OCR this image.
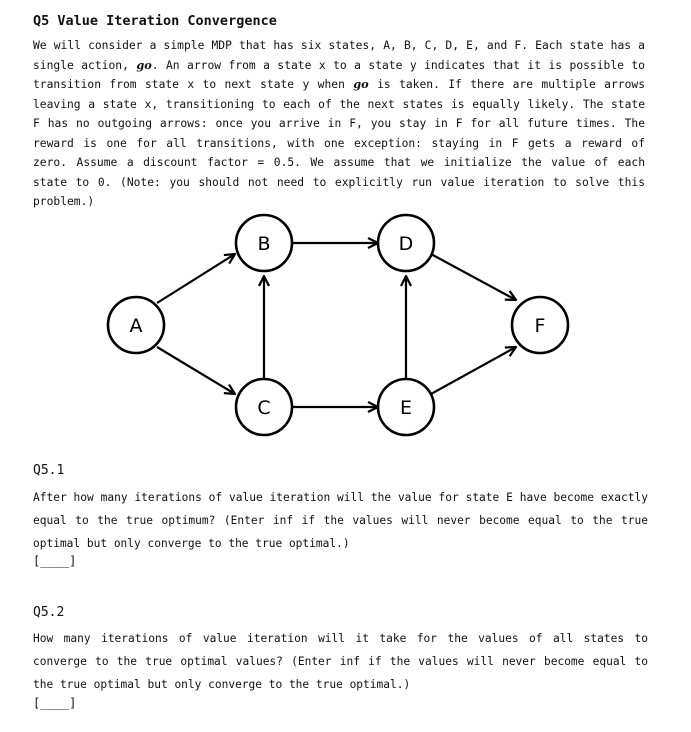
Q5 Value Iteration Convergence
We will consider a simple MDP that has six states, A, B, C, D, E, and F. Each state has a single action, go. An arrow from a state x to a state y indicates that it is possible to transition from state x to next state y when go is taken. If there are multiple arrows leaving a state x, transitioning to each of the next states is equally likely. The state F has no outgoing arrows: once you arrive in F, you stay in F for all future times. The reward is one for all transitions, with one exception: staying in F gets a reward of zero. Assume a discount factor = 0.5. We assume that we initialize the value of each state to 0. (Note: you should not need to explicitly run value iteration to solve this problem.)
A
B
C
D
E
F
Q5.1
After how many iterations of value iteration will the value for state E have become exactly equal to the true optimum? (Enter inf if the values will never become equal to the true optimal but only converge to the true optimal.)
[____]
Q5.2
How many iterations of value iteration will it take for the values of all states to converge to the true optimal values? (Enter inf if the values will never become equal to the true optimal but only converge to the true optimal.)
[____]
